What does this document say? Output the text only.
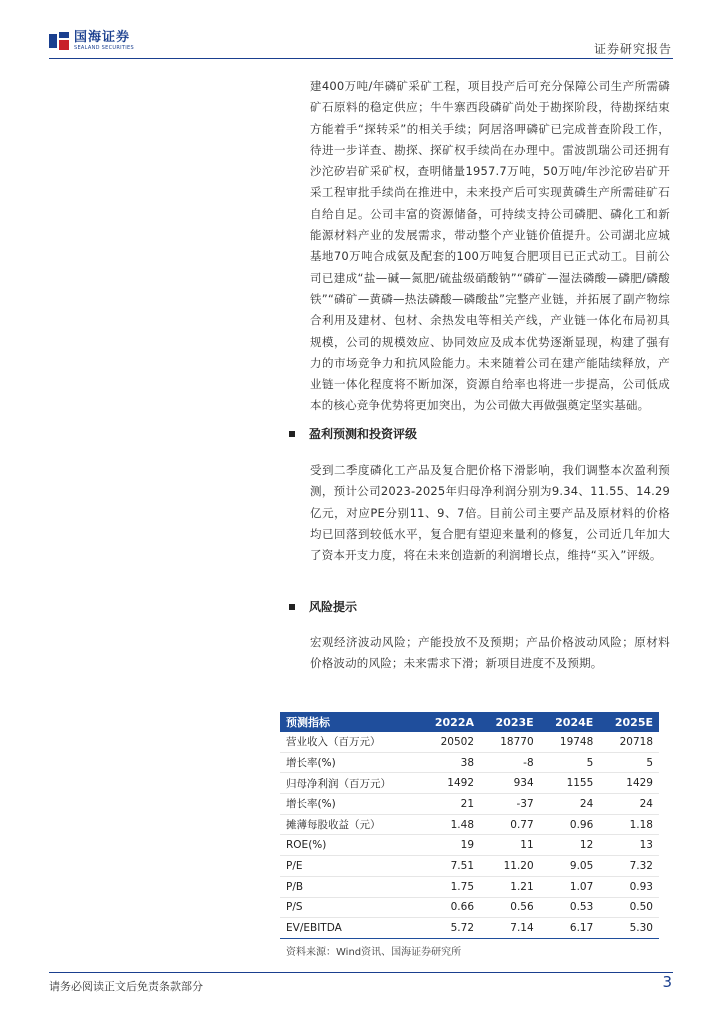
国海证券
SEALAND SECURITIES	证券研究报告

建400万吨/年磷矿采矿工程，项目投产后可充分保障公司生产所需磷矿石原料的稳定供应；牛牛寨西段磷矿尚处于勘探阶段，待勘探结束方能着手“探转采”的相关手续；阿居洛呷磷矿已完成普查阶段工作，待进一步详查、勘探、探矿权手续尚在办理中。雷波凯瑞公司还拥有沙沱矽岩矿采矿权，查明储量1957.7万吨，50万吨/年沙沱矽岩矿开采工程审批手续尚在推进中，未来投产后可实现黄磷生产所需硅矿石自给自足。公司丰富的资源储备，可持续支持公司磷肥、磷化工和新能源材料产业的发展需求，带动整个产业链价值提升。公司湖北应城基地70万吨合成氨及配套的100万吨复合肥项目已正式动工。目前公司已建成“盐—碱—氮肥/硫盐级硝酸钠”“磷矿—湿法磷酸—磷肥/磷酸铁”“磷矿—黄磷—热法磷酸—磷酸盐”完整产业链，并拓展了副产物综合利用及建材、包材、余热发电等相关产线，产业链一体化布局初具规模，公司的规模效应、协同效应及成本优势逐渐显现，构建了强有力的市场竞争力和抗风险能力。未来随着公司在建产能陆续释放，产业链一体化程度将不断加深，资源自给率也将进一步提高，公司低成本的核心竞争优势将更加突出，为公司做大再做强奠定坚实基础。

盈利预测和投资评级

受到二季度磷化工产品及复合肥价格下滑影响，我们调整本次盈利预测，预计公司2023-2025年归母净利润分别为9.34、11.55、14.29亿元，对应PE分别11、9、7倍。目前公司主要产品及原材料的价格均已回落到较低水平，复合肥有望迎来量利的修复，公司近几年加大了资本开支力度，将在未来创造新的利润增长点，维持“买入”评级。

风险提示

宏观经济波动风险；产能投放不及预期；产品价格波动风险；原材料价格波动的风险；未来需求下滑；新项目进度不及预期。

预测指标	2022A	2023E	2024E	2025E
营业收入（百万元）	20502	18770	19748	20718
增长率(%)	38	-8	5	5
归母净利润（百万元）	1492	934	1155	1429
增长率(%)	21	-37	24	24
摊薄每股收益（元）	1.48	0.77	0.96	1.18
ROE(%)	19	11	12	13
P/E	7.51	11.20	9.05	7.32
P/B	1.75	1.21	1.07	0.93
P/S	0.66	0.56	0.53	0.50
EV/EBITDA	5.72	7.14	6.17	5.30
资料来源：Wind资讯、国海证券研究所
请务必阅读正文后免责条款部分	3
